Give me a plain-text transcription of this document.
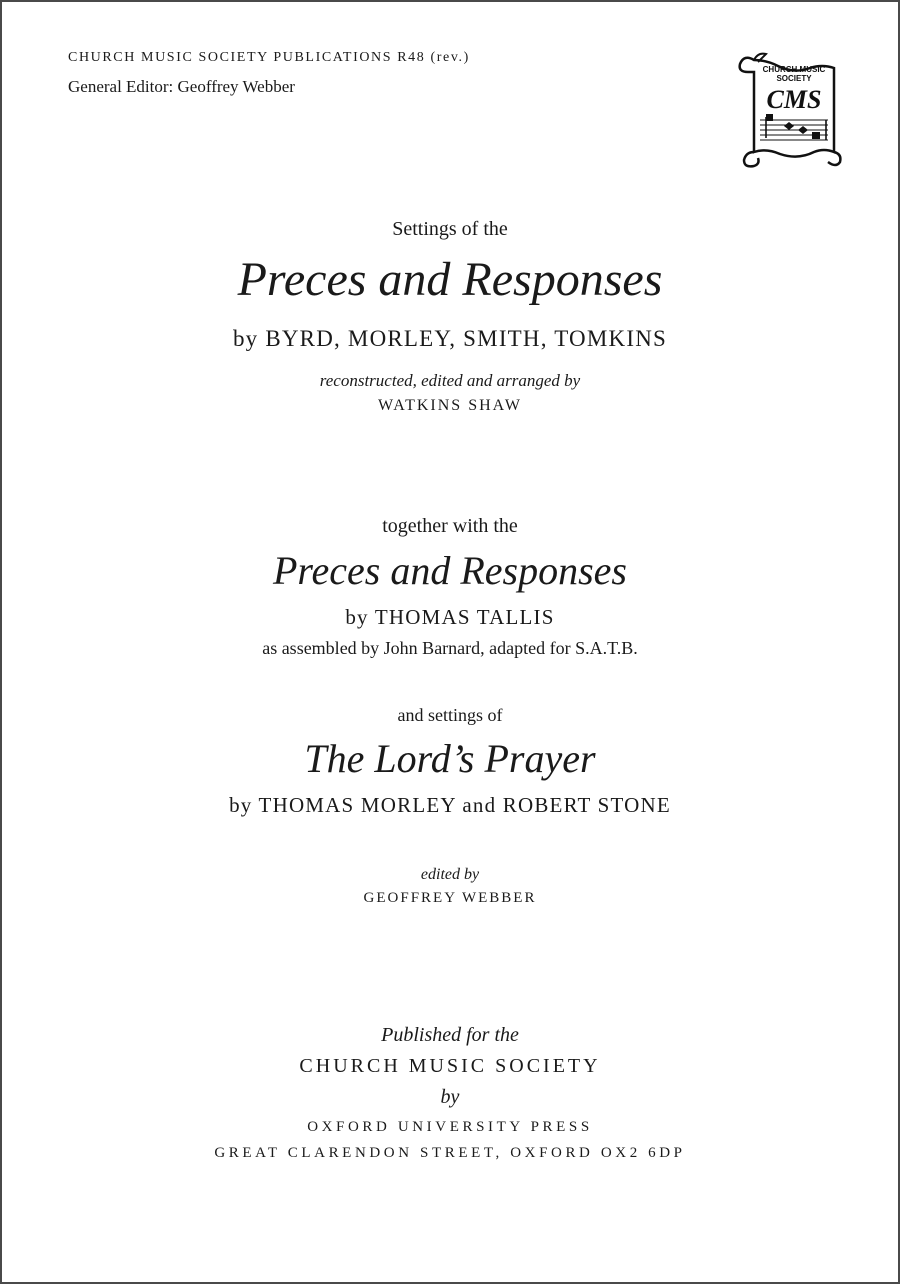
CHURCH MUSIC SOCIETY PUBLICATIONS R48 (rev.)
General Editor: Geoffrey Webber
CHURCH MUSIC
SOCIETY
CMS
Settings of the
Preces and Responses
by BYRD, MORLEY, SMITH, TOMKINS
reconstructed, edited and arranged by
WATKINS SHAW
together with the
Preces and Responses
by THOMAS TALLIS
as assembled by John Barnard, adapted for S.A.T.B.
and settings of
The Lord’s Prayer
by THOMAS MORLEY and ROBERT STONE
edited by
GEOFFREY WEBBER
Published for the
CHURCH MUSIC SOCIETY
by
OXFORD UNIVERSITY PRESS
GREAT CLARENDON STREET, OXFORD OX2 6DP
